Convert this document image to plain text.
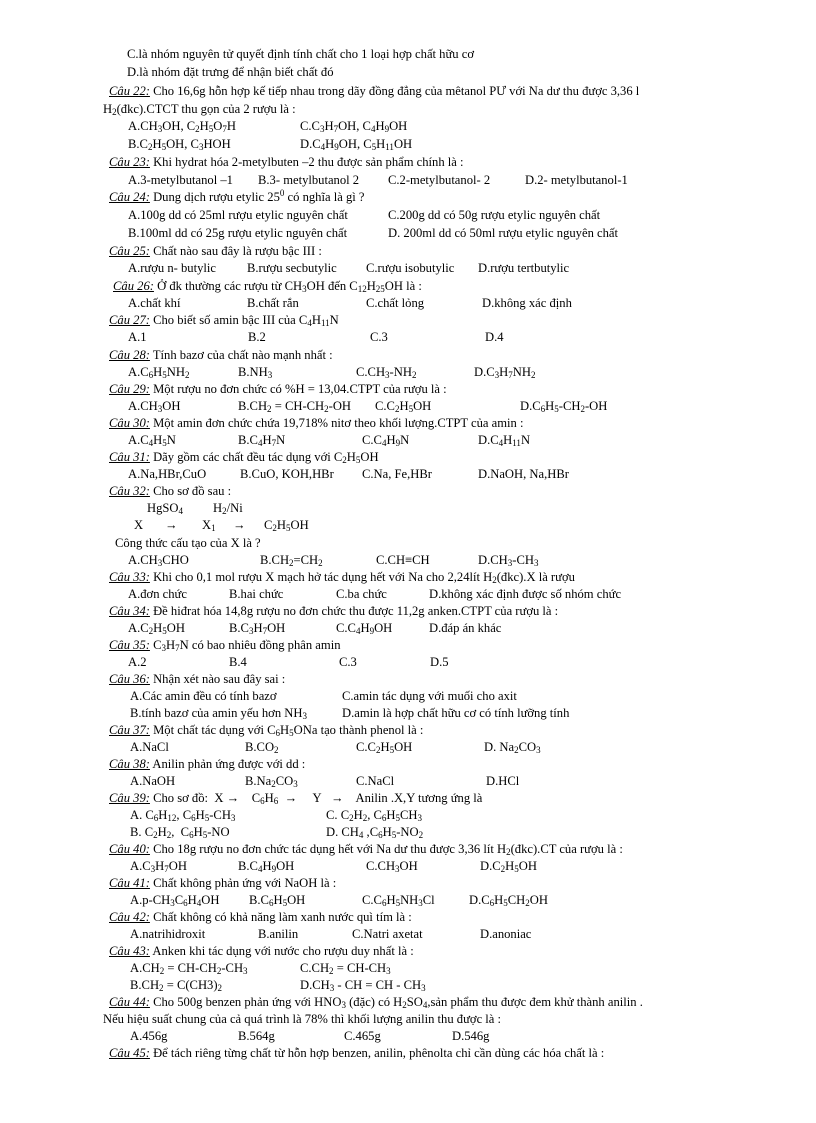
C.là nhóm nguyên tử quyết định tính chất cho 1 loại hợp chất hữu cơ
D.là nhóm đặt trưng để nhận biết chất đó
Câu 22: Cho 16,6g hỗn hợp kế tiếp nhau trong dãy đồng đẳng của mêtanol PƯ với Na dư thu được 3,36 l
$H_2(đkc).CTCT$ thu gọn của 2 rượu là :
$A.CH_3OH$, $C_2H_5O_7H$	$C.C_3H_7OH$, $C_4H_9OH$
$B.C_2H_5OH$, $C_3HOH$	$D.C_4H_9OH$, $C_5H_{11}OH$
Câu 23: Khi hydrat hóa 2-metylbuten –2 thu được sản phẩm chính là :
A.3-metylbutanol –1 B.3- metylbutanol 2 C.2-metylbutanol- 2	D.2- metylbutanol-1
Câu 24: Dung dịch rượu etylic $25^0$ có nghĩa là gì ?
A.100g dd có 25ml rượu etylic nguyên chất	C.200g dd có 50g rượu etylic nguyên chất
B.100ml dd có 25g rượu etylic nguyên chất	D. 200ml dd có 50ml rượu etylic nguyên chất
Câu 25: Chất nào sau đây là rượu bậc III :
A.rượu n- butylic B.rượu secbutylic C.rượu isobutylic D.rượu tertbutylic
Câu 26: Ở đk thường các rượu từ $CH_3OH$ đến $C_{12}H_{25}OH$ là :
A.chất khí	B.chất rắn	C.chất lỏng	D.không xác định
Câu 27: Cho biết số amin bậc III của $C_4H_{11}N$
A.1	B.2	C.3	D.4
Câu 28: Tính bazơ của chất nào mạnh nhất :
$A.C_6H_5NH_2$	$B.NH_3$	$C.CH_3-NH_2$	$D.C_3H_7NH_2$
Câu 29: Một rượu no đơn chức có %H = 13,04.CTPT của rượu là :
$A.CH_3OH$	$B.CH_2 = CH-CH_2-OH$ $C.C_2H_5OH$	$D.C_6H_5-CH_2-OH$
Câu 30: Một amin đơn chức chứa 19,718% nitơ theo khối lượng.CTPT của amin :
$A.C_4H_5N$	$B.C_4H_7N$	$C.C_4H_9N$	$D.C_4H_{11}N$
Câu 31: Dãy gồm các chất đều tác dụng với $C_2H_5OH$
A.Na,HBr,CuO	B.CuO, KOH,HBr C.Na, Fe,HBr	D.NaOH, Na,HBr
Câu 32: Cho sơ đồ sau :
HgSO$_4$ $H_2/Ni$
$X \to X_1 \to C_2H_5OH$
Công thức cấu tạo của X là ?
$A.CH_3CHO$	$B.CH_2=CH_2$	C.CH≡CH	$D.CH_3-CH_3$
Câu 33: Khi cho 0,1 mol rượu X mạch hở tác dụng hết với Na cho 2,24lít $H_2(đkc).X$ là rượu
A.đơn chức	B.hai chức	C.ba chức	D.không xác định được số nhóm chức
Câu 34: Đề hiđrat hóa 14,8g rượu no đơn chức thu được 11,2g anken.CTPT của rượu là :
$A.C_2H_5OH$	$B.C_3H_7OH$	$C.C_4H_9OH$	D.đáp án khác
Câu 35: $C_3H_7N$ có bao nhiêu đồng phân amin
A.2	B.4	C.3	D.5
Câu 36: Nhận xét nào sau đây sai :
A.Các amin đều có tính bazơ	C.amin tác dụng với muối cho axit
B.tính bazơ của amin yếu hơn $NH_3$	D.amin là hợp chất hữu cơ có tính lưỡng tính
Câu 37: Một chất tác dụng với $C_6H_5ONa$ tạo thành phenol là :
A.NaCl	$B.CO_2$	$C.C_2H_5OH$	D. $Na_2CO_3$
Câu 38: Anilin phản ứng được với dd :
A.NaOH	$B.Na_2CO_3$	C.NaCl	D.HCl
Câu 39: Cho sơ đồ:  X →    $C_6H_6$  →     Y   →    Anilin .X,Y tương ứng là
A. $C_6H_{12}$, $C_6H_5-CH_3$	C. $C_2H_2$, $C_6H_5CH_3$
B. $C_2H_2$,  $C_6H_5-NO$	D. $CH_4$ $,C_6H_5-NO_2$
Câu 40: Cho 18g rượu no đơn chức tác dụng hết với Na dư thu được 3,36 lít $H_2(đkc).CT$ của rượu là :
$A.C_3H_7OH$	$B.C_4H_9OH$	$C.CH_3OH$	$D.C_2H_5OH$
Câu 41: Chất không phản ứng với NaOH là :
$A.p-CH_3C_6H_4OH$ $B.C_6H_5OH$	$C.C_6H_5NH_3Cl$	$D.C_6H_5CH_2OH$
Câu 42: Chất không có khả năng làm xanh nước quì tím là :
A.natrihidroxit	B.anilin	C.Natri axetat	D.anoniac
Câu 43: Anken khi tác dụng với nước cho rượu duy nhất là :
$A.CH_2 = CH-CH_2-CH_3$	$C.CH_2 = CH-CH_3$
$B.CH_2 = C(CH3)_2$	$D.CH_3$ - CH = CH - $CH_3$
Câu 44: Cho 500g benzen phản ứng với $HNO_3$ (đặc) có $H_2SO_4,sản$ phẩm thu được đem khử thành anilin .
Nếu hiệu suất chung của cả quá trình là 78% thì khối lượng anilin thu được là :
A.456g	B.564g	C.465g	D.546g
Câu 45: Để tách riêng từng chất từ hỗn hợp benzen, anilin, phênolta chỉ cần dùng các hóa chất là :
